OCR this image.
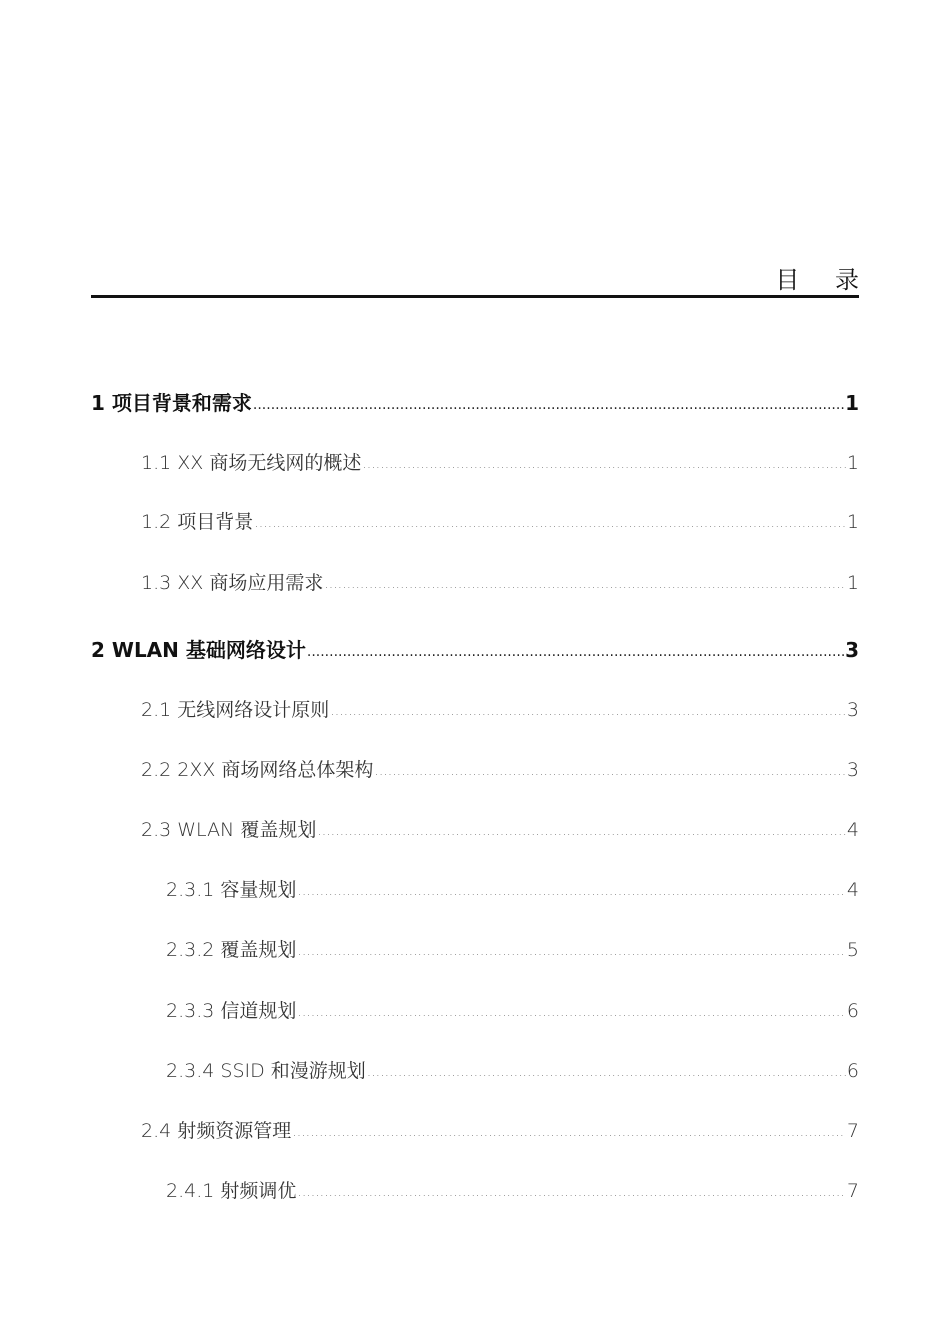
目 录
1 项目背景和需求 .....	1
1.1 XX 商场无线网的概述 .....	1
1.2 项目背景 .....	1
1.3 XX 商场应用需求 .....	1
2 WLAN 基础网络设计 .....	3
2.1 无线网络设计原则 .....	3
2.2 2XX 商场网络总体架构 .....	3
2.3 WLAN 覆盖规划 .....	4
2.3.1 容量规划 .....	4
2.3.2 覆盖规划 .....	5
2.3.3 信道规划 .....	6
2.3.4 SSID 和漫游规划 .....	6
2.4 射频资源管理 .....	7
2.4.1 射频调优 .....	7
